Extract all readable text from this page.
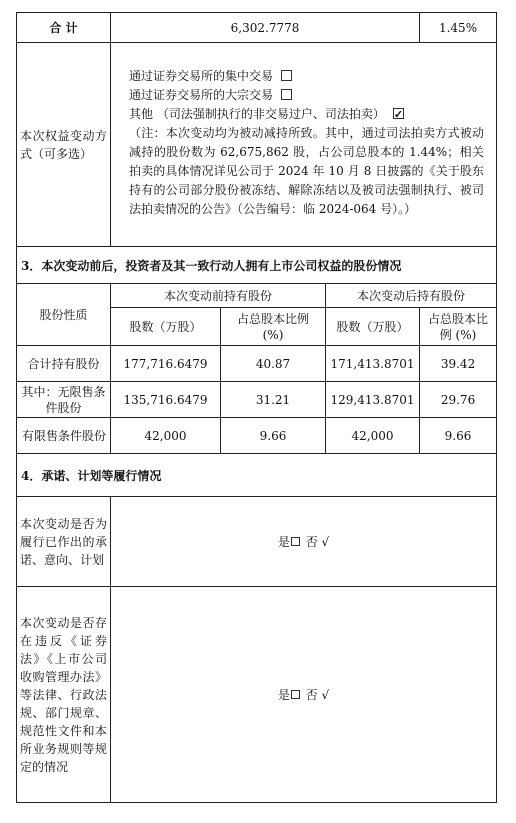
合 计	6,302.7778			1.45%
本次权益变动方式（可多选）	通过证券交易所的集中交易
通过证券交易所的大宗交易
其他 （司法强制执行的非交易过户、司法拍卖）✓
（注：本次变动均为被动减持所致。其中，通过司法拍卖方式被动减持的股份数为 62,675,862 股，占公司总股本的 1.44%；相关拍卖的具体情况详见公司于 2024 年 10 月 8 日披露的《关于股东持有的公司部分股份被冻结、解除冻结以及被司法强制执行、被司法拍卖情况的公告》（公告编号：临 2024-064 号）。）

3．本次变动前后，投资者及其一致行动人拥有上市公司权益的股份情况				
股份性质	本次变动前持有股份		本次变动后持有股份	
	股数（万股）	占总股本比例 (%)	股数（万股）	占总股本比例 (%)
合计持有股份	177,716.6479	40.87	171,413.8701	39.42
其中：无限售条件股份	135,716.6479	31.21	129,413.8701	29.76
有限售条件股份	42,000	9.66	42,000	9.66
4．承诺、计划等履行情况				
本次变动是否为履行已作出的承诺、意向、计划	是 否 √			
本次变动是否存在违反《证券法》《上市公司收购管理办法》等法律、行政法规、部门规章、规范性文件和本所业务规则等规定的情况	是 否 √			
